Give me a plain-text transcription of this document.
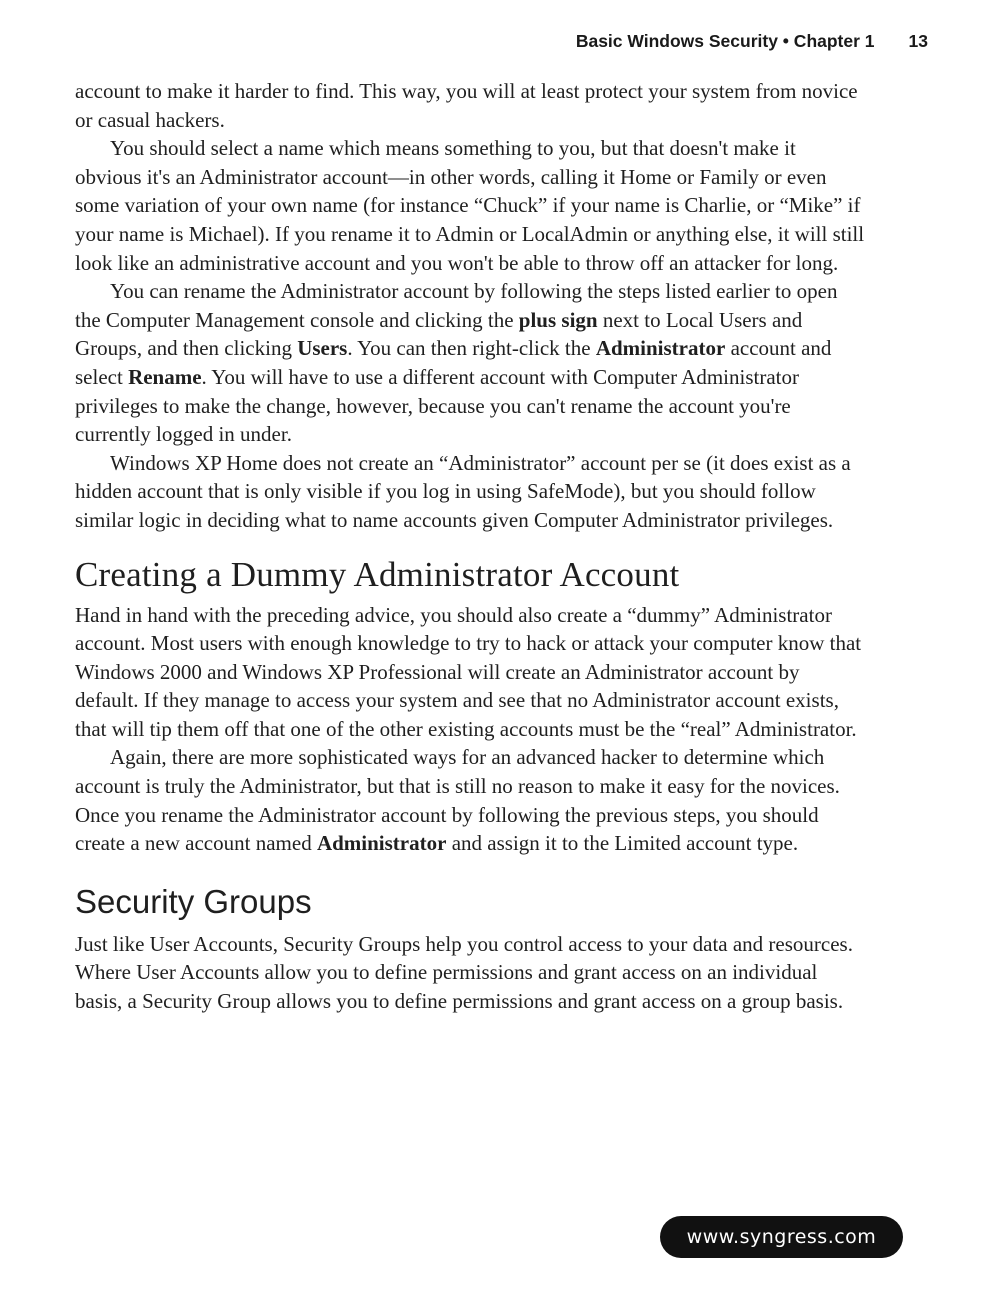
Basic Windows Security • Chapter 1 13

account to make it harder to find. This way, you will at least protect your system from novice or casual hackers.

You should select a name which means something to you, but that doesn't make it obvious it's an Administrator account—in other words, calling it Home or Family or even some variation of your own name (for instance “Chuck” if your name is Charlie, or “Mike” if your name is Michael). If you rename it to Admin or LocalAdmin or anything else, it will still look like an administrative account and you won't be able to throw off an attacker for long.

You can rename the Administrator account by following the steps listed earlier to open the Computer Management console and clicking the plus sign next to Local Users and Groups, and then clicking Users. You can then right-click the Administrator account and select Rename. You will have to use a different account with Computer Administrator privileges to make the change, however, because you can't rename the account you're currently logged in under.

Windows XP Home does not create an “Administrator” account per se (it does exist as a hidden account that is only visible if you log in using SafeMode), but you should follow similar logic in deciding what to name accounts given Computer Administrator privileges.

Creating a Dummy Administrator Account

Hand in hand with the preceding advice, you should also create a “dummy” Administrator account. Most users with enough knowledge to try to hack or attack your computer know that Windows 2000 and Windows XP Professional will create an Administrator account by default. If they manage to access your system and see that no Administrator account exists, that will tip them off that one of the other existing accounts must be the “real” Administrator.

Again, there are more sophisticated ways for an advanced hacker to determine which account is truly the Administrator, but that is still no reason to make it easy for the novices. Once you rename the Administrator account by following the previous steps, you should create a new account named Administrator and assign it to the Limited account type.

Security Groups

Just like User Accounts, Security Groups help you control access to your data and resources. Where User Accounts allow you to define permissions and grant access on an individual basis, a Security Group allows you to define permissions and grant access on a group basis.

www.syngress.com
